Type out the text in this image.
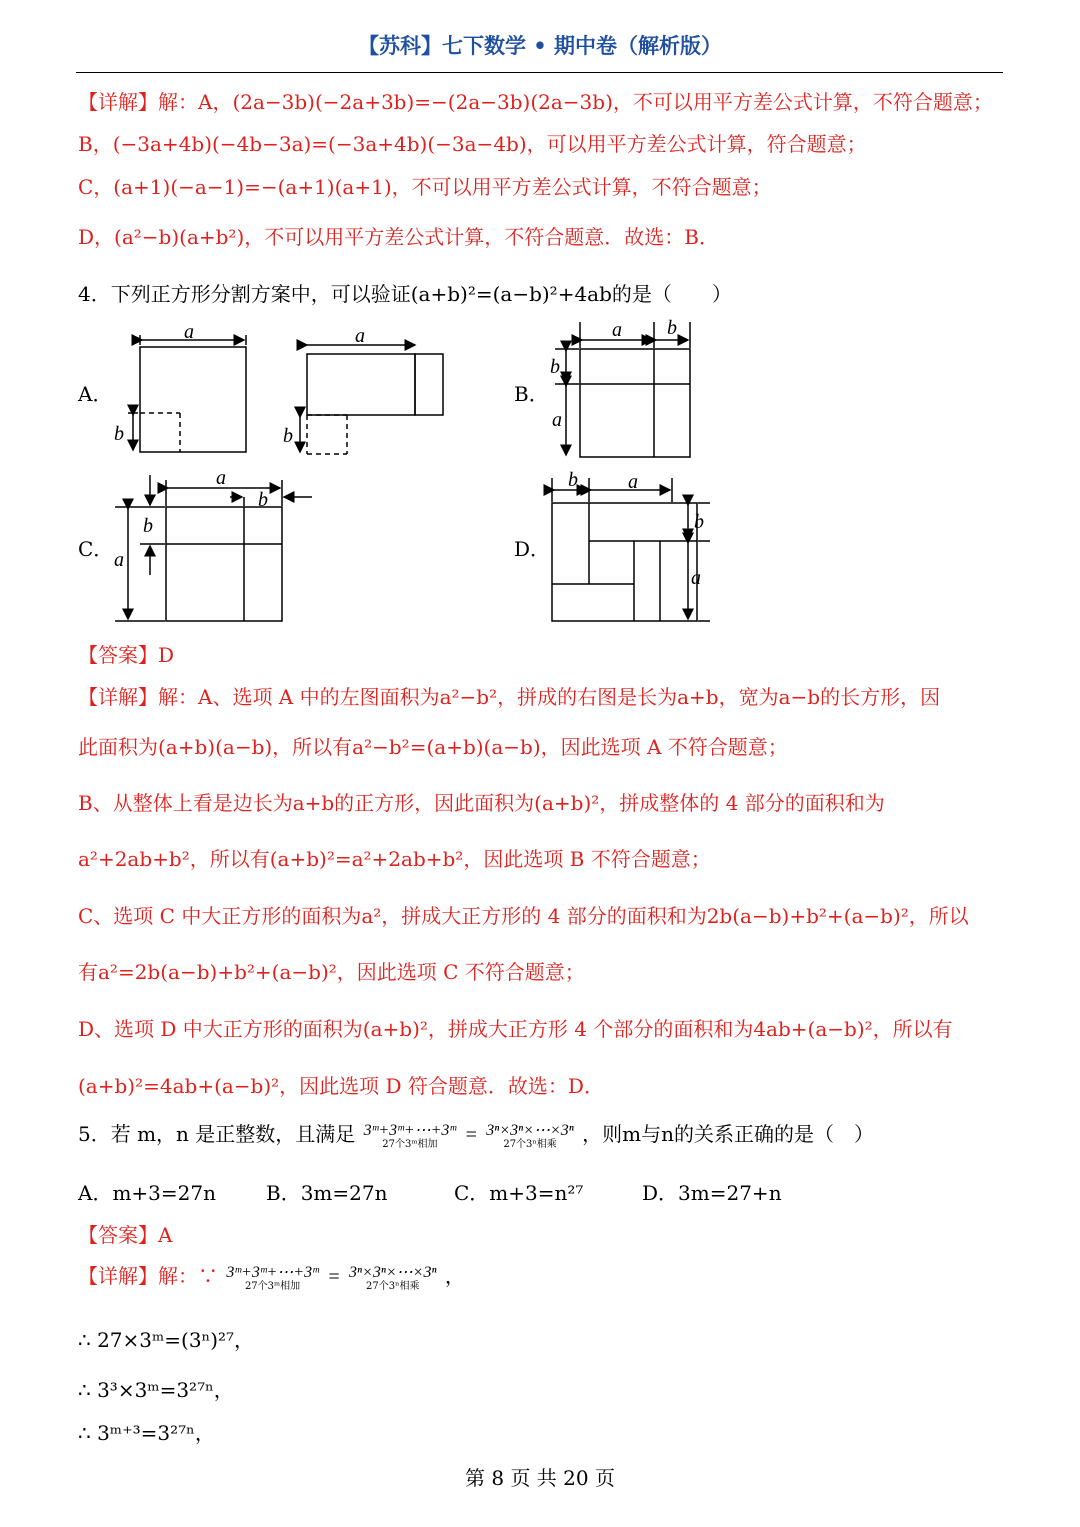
【苏科】七下数学 • 期中卷（解析版）
【详解】解：A，(2a−3b)(−2a+3b)=−(2a−3b)(2a−3b)，不可以用平方差公式计算，不符合题意；
B，(−3a+4b)(−4b−3a)=(−3a+4b)(−3a−4b)，可以用平方差公式计算，符合题意；
C，(a+1)(−a−1)=−(a+1)(a+1)，不可以用平方差公式计算，不符合题意；
D，(a²−b)(a+b²)，不可以用平方差公式计算，不符合题意．故选：B．
4．下列正方形分割方案中，可以验证(a+b)²=(a−b)²+4ab的是（　　）
A．	B．
C．	D．
a
b
a
b
a b
b
a
a
b
b
a
b	a
b
a
【答案】D
【详解】解：A、选项 A 中的左图面积为a²−b²，拼成的右图是长为a+b，宽为a−b的长方形，因
此面积为(a+b)(a−b)，所以有a²−b²=(a+b)(a−b)，因此选项 A 不符合题意；
B、从整体上看是边长为a+b的正方形，因此面积为(a+b)²，拼成整体的 4 部分的面积和为
a²+2ab+b²，所以有(a+b)²=a²+2ab+b²，因此选项 B 不符合题意；
C、选项 C 中大正方形的面积为a²，拼成大正方形的 4 部分的面积和为2b(a−b)+b²+(a−b)²，所以
有a²=2b(a−b)+b²+(a−b)²，因此选项 C 不符合题意；
D、选项 D 中大正方形的面积为(a+b)²，拼成大正方形 4 个部分的面积和为4ab+(a−b)²，所以有
(a+b)²=4ab+(a−b)²，因此选项 D 符合题意．故选：D．
5．若 m，n 是正整数，且满足 3ᵐ+3ᵐ+⋯+3ᵐ
27个3ᵐ相加	= 3ⁿ×3ⁿ×⋯×3ⁿ
27个3ⁿ相乘	，则m与n的关系正确的是（　）
A．m+3=27n	B．3m=27n	C．m+3=n²⁷	D．3m=27+n
【答案】A
【详解】解：∵ 3ᵐ+3ᵐ+⋯+3ᵐ
27个3ᵐ相加	= 3ⁿ×3ⁿ×⋯×3ⁿ
27个3ⁿ相乘	，
∴ 27×3ᵐ=(3ⁿ)²⁷，
∴ 3³×3ᵐ=3²⁷ⁿ，
∴ 3ᵐ⁺³=3²⁷ⁿ，
第 8 页 共 20 页
